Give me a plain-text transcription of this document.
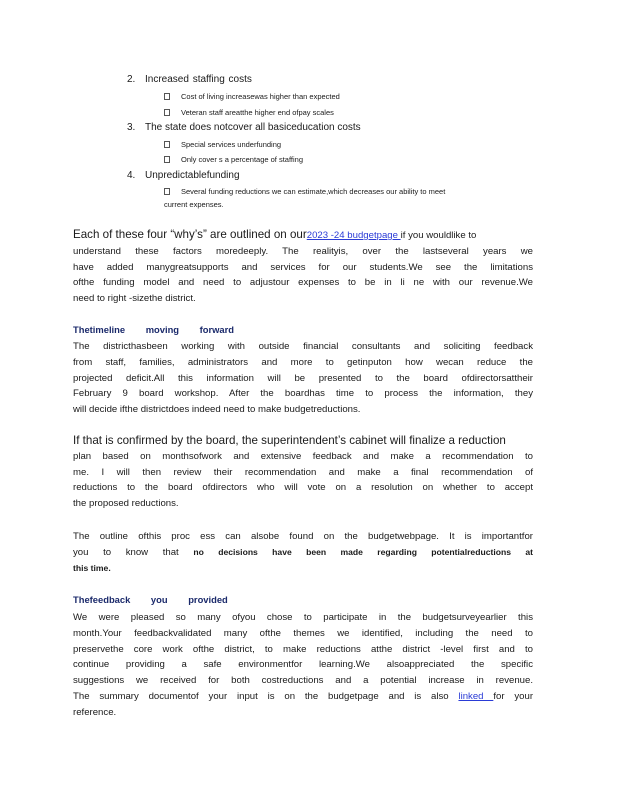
2. Increased staffing costs
Cost of living increasewas higher than expected
Veteran staff areatthe higher end ofpay scales
3. The state does notcover all basiceducation costs
Special services underfunding
Only cover s a percentage of staffing
4. Unpredictablefunding
Several funding reductions we can estimate,which decreases our ability to meet
current expenses.

Each of these four “why’s” are outlined on our2023 -24 budgetpage if you wouldlike to

understand these factors moredeeply. The realityis, over the lastseveral years we

have added manygreatsupports and services for our students.We see the limitations

ofthe funding model and need to adjustour expenses to be in li ne with our revenue.We

need to right -sizethe district.

Thetimeline moving forward

The districthasbeen working with outside financial consultants and soliciting feedback

from staff, families, administrators and more to getinputon how wecan reduce the

projected deficit.All this information will be presented to the board ofdirectorsattheir

February 9 board workshop. After the boardhas time to process the information, they

will decide ifthe districtdoes indeed need to make budgetreductions.

If that is confirmed by the board, the superintendent’s cabinet will finalize a reduction

plan based on monthsofwork and extensive feedback and make a recommendation to

me. I will then review their recommendation and make a final recommendation of

reductions to the board ofdirectors who will vote on a resolution on whether to accept

the proposed reductions.

The outline ofthis proc ess can alsobe found on the budgetwebpage. It is importantfor

you to know that no decisions have been made regarding potentialreductions at

this time.

Thefeedback you provided

We were pleased so many ofyou chose to participate in the budgetsurveyearlier this

month.Your feedbackvalidated many ofthe themes we identified, including the need to

preservethe core work ofthe district, to make reductions atthe district -level first and to

continue providing a safe environmentfor learning.We alsoappreciated the specific

suggestions we received for both costreductions and a potential increase in revenue.

The summary documentof your input is on the budgetpage and is also linked for your

reference.
